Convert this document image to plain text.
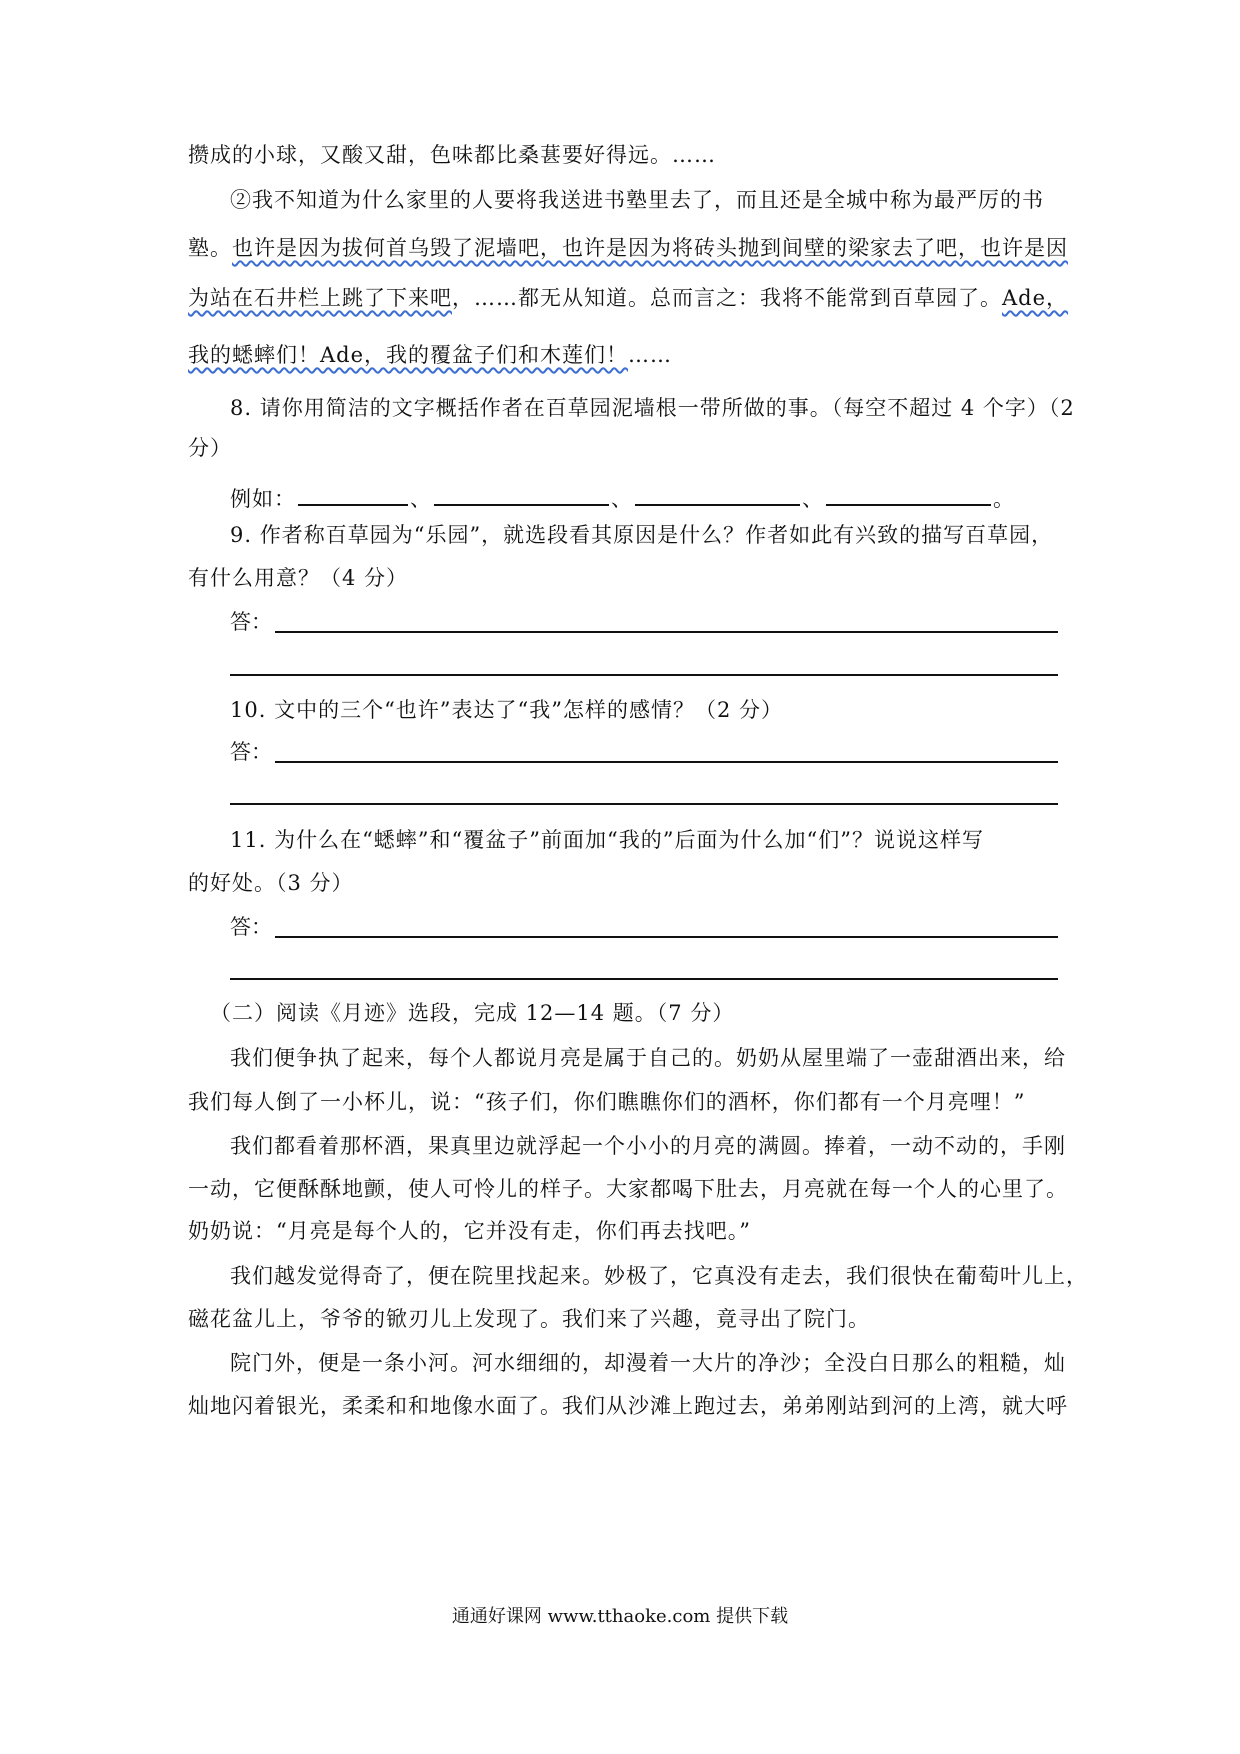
攒成的小球，又酸又甜，色味都比桑葚要好得远。……
②我不知道为什么家里的人要将我送进书塾里去了，而且还是全城中称为最严厉的书
塾。也许是因为拔何首乌毁了泥墙吧，也许是因为将砖头抛到间壁的梁家去了吧，也许是因
为站在石井栏上跳了下来吧，……都无从知道。总而言之：我将不能常到百草园了。Ade，
我的蟋蟀们！Ade，我的覆盆子们和木莲们！……
8. 请你用简洁的文字概括作者在百草园泥墙根一带所做的事。（每空不超过 4 个字）（2
分）
例如：	、	、	、	。
9. 作者称百草园为“乐园”，就选段看其原因是什么？作者如此有兴致的描写百草园，
有什么用意？（4 分）
答：
10. 文中的三个“也许”表达了“我”怎样的感情？（2 分）
答：
11. 为什么在“蟋蟀”和“覆盆子”前面加“我的”后面为什么加“们”？说说这样写
的好处。（3 分）
答：
（二）阅读《月迹》选段，完成 12—14 题。（7 分）
我们便争执了起来，每个人都说月亮是属于自己的。奶奶从屋里端了一壶甜酒出来，给
我们每人倒了一小杯儿，说：“孩子们，你们瞧瞧你们的酒杯，你们都有一个月亮哩！”
我们都看着那杯酒，果真里边就浮起一个小小的月亮的满圆。捧着，一动不动的，手刚
一动，它便酥酥地颤，使人可怜儿的样子。大家都喝下肚去，月亮就在每一个人的心里了。
奶奶说：“月亮是每个人的，它并没有走，你们再去找吧。”
我们越发觉得奇了，便在院里找起来。妙极了，它真没有走去，我们很快在葡萄叶儿上，
磁花盆儿上，爷爷的锨刃儿上发现了。我们来了兴趣，竟寻出了院门。
院门外，便是一条小河。河水细细的，却漫着一大片的净沙；全没白日那么的粗糙，灿
灿地闪着银光，柔柔和和地像水面了。我们从沙滩上跑过去，弟弟刚站到河的上湾，就大呼
通通好课网 www.tthaoke.com 提供下载
